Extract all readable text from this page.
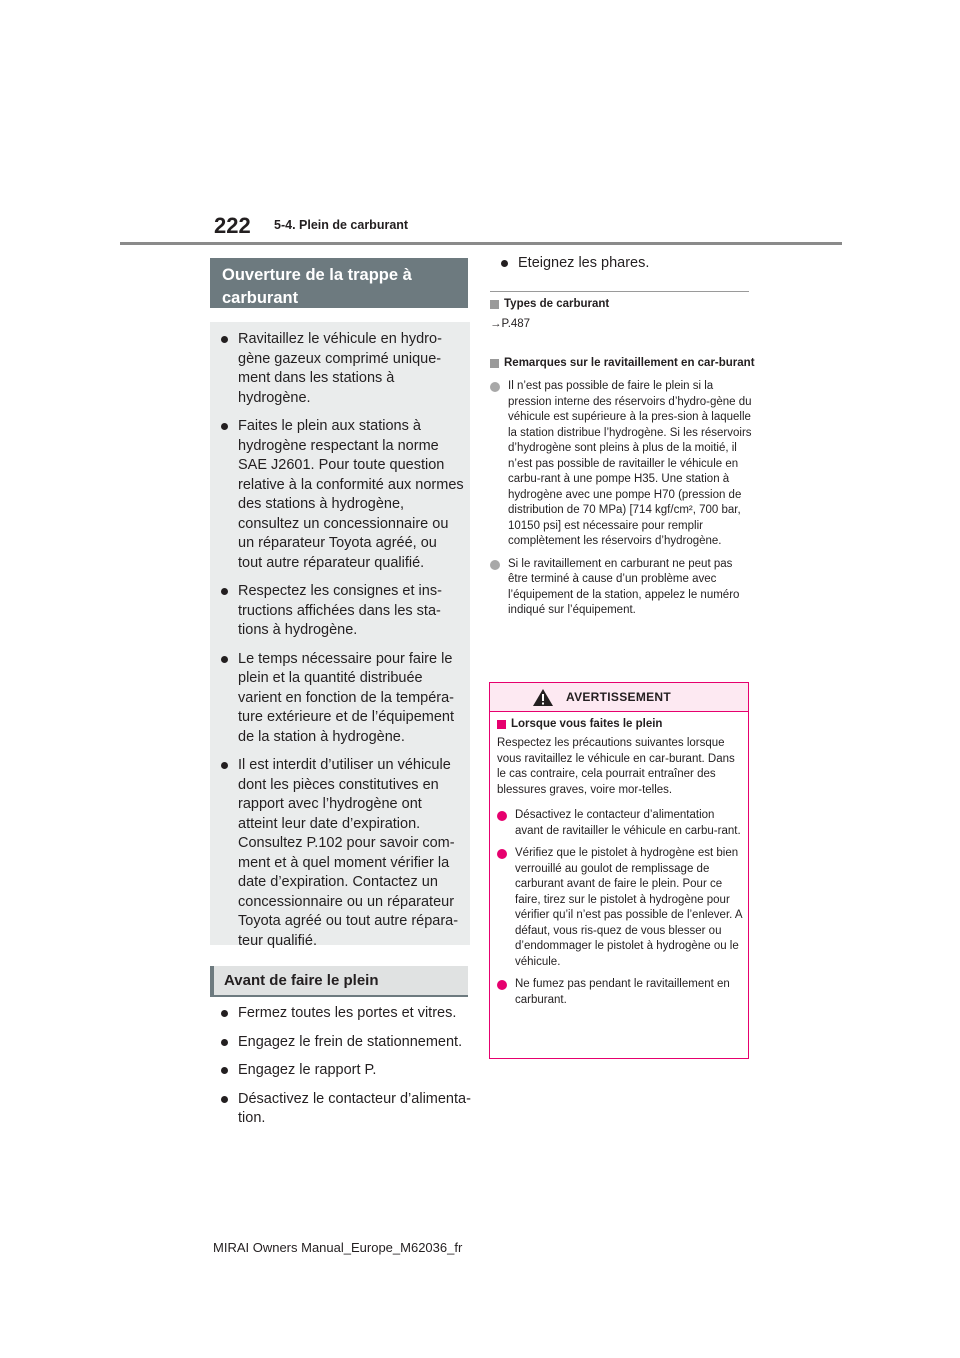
222 5-4. Plein de carburant
Ouverture de la trappe à carburant
Ravitaillez le véhicule en hydro-gène gazeux comprimé unique-ment dans les stations à hydrogène.
Faites le plein aux stations à hydrogène respectant la norme SAE J2601. Pour toute question relative à la conformité aux normes des stations à hydrogène, consultez un concessionnaire ou un réparateur Toyota agréé, ou tout autre réparateur qualifié.
Respectez les consignes et ins-tructions affichées dans les sta-tions à hydrogène.
Le temps nécessaire pour faire le plein et la quantité distribuée varient en fonction de la tempéra-ture extérieure et de l’équipement de la station à hydrogène.
Il est interdit d’utiliser un véhicule dont les pièces constitutives en rapport avec l’hydrogène ont atteint leur date d’expiration. Consultez P.102 pour savoir com-ment et à quel moment vérifier la date d’expiration. Contactez un concessionnaire ou un réparateur Toyota agréé ou tout autre répara-teur qualifié.
Avant de faire le plein
Fermez toutes les portes et vitres.
Engagez le frein de stationnement.
Engagez le rapport P.
Désactivez le contacteur d’alimenta-tion.
Eteignez les phares.
Types de carburant
→P.487
Remarques sur le ravitaillement en car-burant
Il n’est pas possible de faire le plein si la pression interne des réservoirs d’hydro-gène du véhicule est supérieure à la pres-sion à laquelle la station distribue l’hydrogène. Si les réservoirs d’hydrogène sont pleins à plus de la moitié, il n’est pas possible de ravitailler le véhicule en carbu-rant à une pompe H35. Une station à hydrogène avec une pompe H70 (pression de distribution de 70 MPa) [714 kgf/cm², 700 bar, 10150 psi] est nécessaire pour remplir complètement les réservoirs d’hydrogène.
Si le ravitaillement en carburant ne peut pas être terminé à cause d’un problème avec l’équipement de la station, appelez le numéro indiqué sur l’équipement.
AVERTISSEMENT
Lorsque vous faites le plein
Respectez les précautions suivantes lorsque vous ravitaillez le véhicule en car-burant. Dans le cas contraire, cela pourrait entraîner des blessures graves, voire mor-telles.
Désactivez le contacteur d’alimentation avant de ravitailler le véhicule en carbu-rant.
Vérifiez que le pistolet à hydrogène est bien verrouillé au goulot de remplissage de carburant avant de faire le plein. Pour ce faire, tirez sur le pistolet à hydrogène pour vérifier qu’il n’est pas possible de l’enlever. A défaut, vous ris-quez de vous blesser ou d’endommager le pistolet à hydrogène ou le véhicule.
Ne fumez pas pendant le ravitaillement en carburant.
MIRAI Owners Manual_Europe_M62036_fr
